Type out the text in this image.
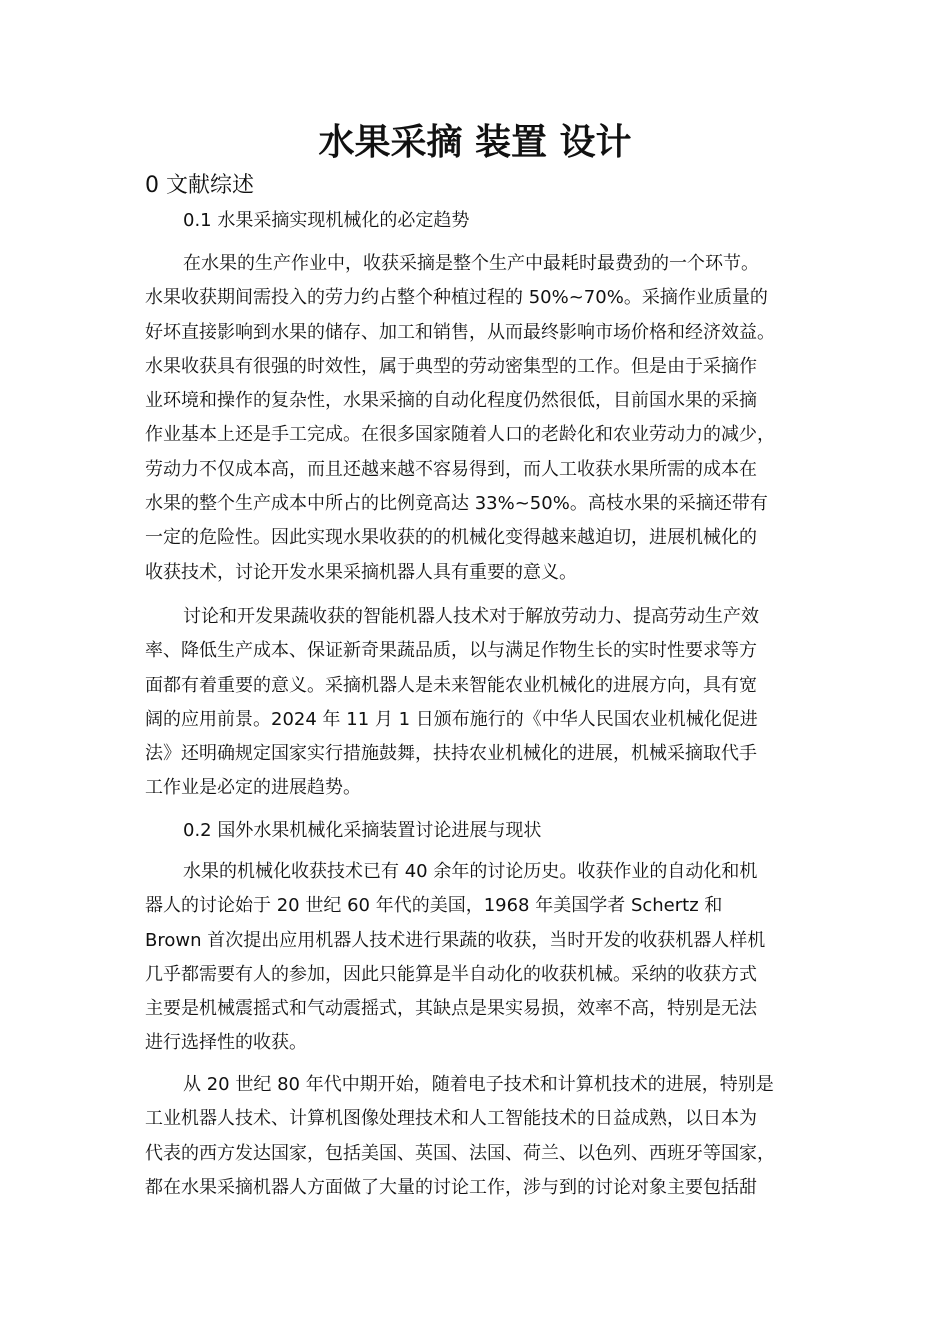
水果采摘 装置 设计
0 文献综述
0.1 水果采摘实现机械化的必定趋势
在水果的生产作业中，收获采摘是整个生产中最耗时最费劲的一个环节。
水果收获期间需投入的劳力约占整个种植过程的 50%~70%。采摘作业质量的
好坏直接影响到水果的储存、加工和销售，从而最终影响市场价格和经济效益。
水果收获具有很强的时效性，属于典型的劳动密集型的工作。但是由于采摘作
业环境和操作的复杂性，水果采摘的自动化程度仍然很低，目前国水果的采摘
作业基本上还是手工完成。在很多国家随着人口的老龄化和农业劳动力的减少，
劳动力不仅成本高，而且还越来越不容易得到，而人工收获水果所需的成本在
水果的整个生产成本中所占的比例竟高达 33%~50%。高枝水果的采摘还带有
一定的危险性。因此实现水果收获的的机械化变得越来越迫切，进展机械化的
收获技术，讨论开发水果采摘机器人具有重要的意义。
讨论和开发果蔬收获的智能机器人技术对于解放劳动力、提高劳动生产效
率、降低生产成本、保证新奇果蔬品质，以与满足作物生长的实时性要求等方
面都有着重要的意义。采摘机器人是未来智能农业机械化的进展方向，具有宽
阔的应用前景。2024 年 11 月 1 日颁布施行的《中华人民国农业机械化促进
法》还明确规定国家实行措施鼓舞，扶持农业机械化的进展，机械采摘取代手
工作业是必定的进展趋势。
0.2 国外水果机械化采摘装置讨论进展与现状
水果的机械化收获技术已有 40 余年的讨论历史。收获作业的自动化和机
器人的讨论始于 20 世纪 60 年代的美国，1968 年美国学者 Schertz 和
Brown 首次提出应用机器人技术进行果蔬的收获，当时开发的收获机器人样机
几乎都需要有人的参加，因此只能算是半自动化的收获机械。采纳的收获方式
主要是机械震摇式和气动震摇式，其缺点是果实易损，效率不高，特别是无法
进行选择性的收获。
从 20 世纪 80 年代中期开始，随着电子技术和计算机技术的进展，特别是
工业机器人技术、计算机图像处理技术和人工智能技术的日益成熟，以日本为
代表的西方发达国家，包括美国、英国、法国、荷兰、以色列、西班牙等国家，
都在水果采摘机器人方面做了大量的讨论工作，涉与到的讨论对象主要包括甜
